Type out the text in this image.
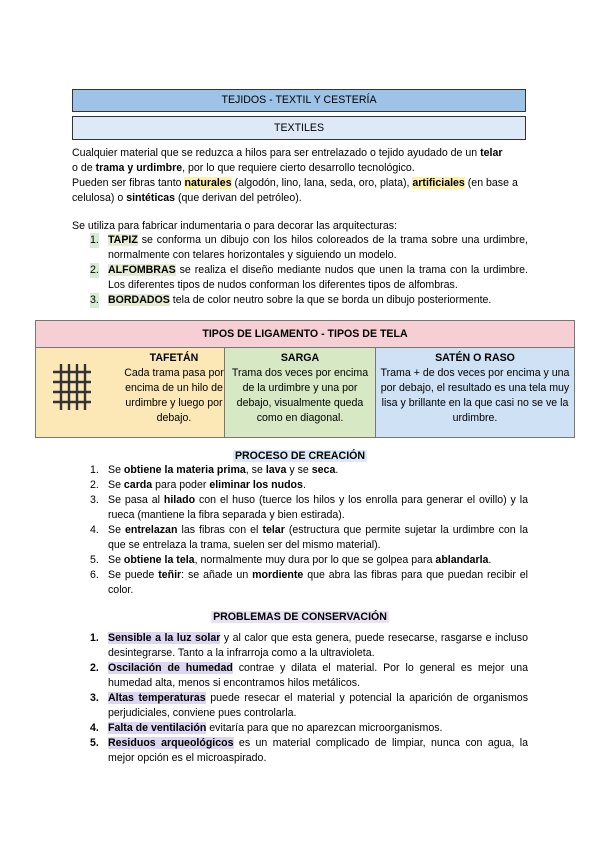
TEJIDOS - TEXTIL Y CESTERÍA
TEXTILES
Cualquier material que se reduzca a hilos para ser entrelazado o tejido ayudado de un telar
o de trama y urdimbre, por lo que requiere cierto desarrollo tecnológico.
Pueden ser fibras tanto naturales (algodón, lino, lana, seda, oro, plata), artificiales (en base a celulosa) o sintéticas (que derivan del petróleo).
Se utiliza para fabricar indumentaria o para decorar las arquitecturas:
1. TAPIZ se conforma un dibujo con los hilos coloreados de la trama sobre una urdimbre, normalmente con telares horizontales y siguiendo un modelo.
2. ALFOMBRAS se realiza el diseño mediante nudos que unen la trama con la urdimbre. Los diferentes tipos de nudos conforman los diferentes tipos de alfombras.
3. BORDADOS tela de color neutro sobre la que se borda un dibujo posteriormente.
TIPOS DE LIGAMENTO - TIPOS DE TELA
TAFETÁN
Cada trama pasa por encima de un hilo de urdimbre y luego por debajo.
SARGA
Trama dos veces por encima de la urdimbre y una por debajo, visualmente queda como en diagonal.
SATÉN O RASO
Trama + de dos veces por encima y una por debajo, el resultado es una tela muy lisa y brillante en la que casi no se ve la urdimbre.
PROCESO DE CREACIÓN
1. Se obtiene la materia prima, se lava y se seca.
2. Se carda para poder eliminar los nudos.
3. Se pasa al hilado con el huso (tuerce los hilos y los enrolla para generar el ovillo) y la rueca (mantiene la fibra separada y bien estirada).
4. Se entrelazan las fibras con el telar (estructura que permite sujetar la urdimbre con la que se entrelaza la trama, suelen ser del mismo material).
5. Se obtiene la tela, normalmente muy dura por lo que se golpea para ablandarla.
6. Se puede teñir: se añade un mordiente que abra las fibras para que puedan recibir el color.
PROBLEMAS DE CONSERVACIÓN
1. Sensible a la luz solar y al calor que esta genera, puede resecarse, rasgarse e incluso desintegrarse. Tanto a la infrarroja como a la ultravioleta.
2. Oscilación de humedad contrae y dilata el material. Por lo general es mejor una humedad alta, menos si encontramos hilos metálicos.
3. Altas temperaturas puede resecar el material y potencial la aparición de organismos perjudiciales, conviene pues controlarla.
4. Falta de ventilación evitaría para que no aparezcan microorganismos.
5. Residuos arqueológicos es un material complicado de limpiar, nunca con agua, la mejor opción es el microaspirado.
